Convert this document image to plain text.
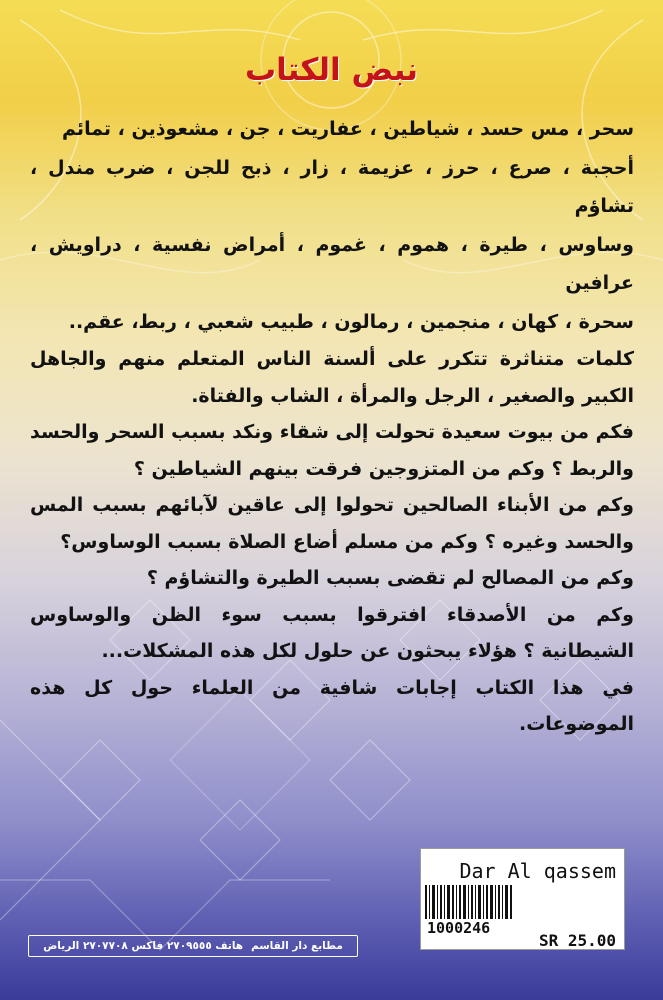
نبض الكتاب

سحر ، مس حسد ، شياطين ، عفاريت ، جن ، مشعوذين ، تمائم

أحجبة ، صرع ، حرز ، عزيمة ، زار ، ذبح للجن ، ضرب مندل ، تشاؤم

وساوس ، طيرة ، هموم ، غموم ، أمراض نفسية ، دراويش ، عرافين

سحرة ، كهان ، منجمين ، رمالون ، طبيب شعبي ، ربط، عقم..

كلمات متناثرة تتكرر على ألسنة الناس المتعلم منهم والجاهل الكبير والصغير ، الرجل والمرأة ، الشاب والفتاة.

فكم من بيوت سعيدة تحولت إلى شقاء ونكد بسبب السحر والحسد والربط ؟ وكم من المتزوجين فرقت بينهم الشياطين ؟

وكم من الأبناء الصالحين تحولوا إلى عاقين لآبائهم بسبب المس والحسد وغيره ؟ وكم من مسلم أضاع الصلاة بسبب الوساوس؟

وكم من المصالح لم تقضى بسبب الطيرة والتشاؤم ؟

وكم من الأصدقاء افترقوا بسبب سوء الظن والوساوس الشيطانية ؟ هؤلاء يبحثون عن حلول لكل هذه المشكلات...

في هذا الكتاب إجابات شافية من العلماء حول كل هذه الموضوعات.

Dar Al qassem
1000246
SR 25.00
مطابع دار القاسم
هاتف ٢٧٠٩٥٥٥ فاكس ٢٧٠٧٧٠٨ الرياض
